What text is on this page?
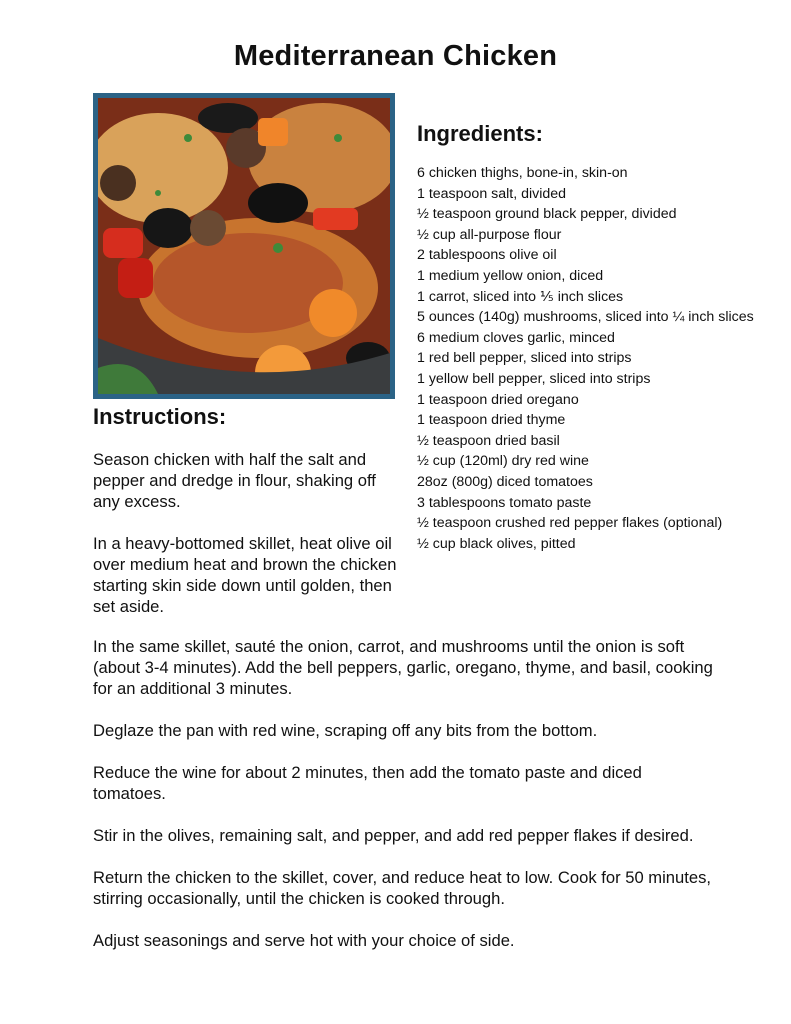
Mediterranean Chicken
Ingredients:
6 chicken thighs, bone-in, skin-on
1 teaspoon salt, divided
½ teaspoon ground black pepper, divided
½ cup all-purpose flour
2 tablespoons olive oil
1 medium yellow onion, diced
1 carrot, sliced into ⅕ inch slices
5 ounces (140g) mushrooms, sliced into ¼ inch slices
6 medium cloves garlic, minced
1 red bell pepper, sliced into strips
1 yellow bell pepper, sliced into strips
1 teaspoon dried oregano
1 teaspoon dried thyme
½ teaspoon dried basil
½ cup (120ml) dry red wine
28oz (800g) diced tomatoes
3 tablespoons tomato paste
½ teaspoon crushed red pepper flakes (optional)
½ cup black olives, pitted
Instructions:

Season chicken with half the salt and pepper and dredge in flour, shaking off any excess.

In a heavy-bottomed skillet, heat olive oil over medium heat and brown the chicken starting skin side down until golden, then set aside.

In the same skillet, sauté the onion, carrot, and mushrooms until the onion is soft (about 3-4 minutes). Add the bell peppers, garlic, oregano, thyme, and basil, cooking for an additional 3 minutes.

Deglaze the pan with red wine, scraping off any bits from the bottom.

Reduce the wine for about 2 minutes, then add the tomato paste and diced tomatoes.

Stir in the olives, remaining salt, and pepper, and add red pepper flakes if desired.

Return the chicken to the skillet, cover, and reduce heat to low. Cook for 50 minutes, stirring occasionally, until the chicken is cooked through.

Adjust seasonings and serve hot with your choice of side.
